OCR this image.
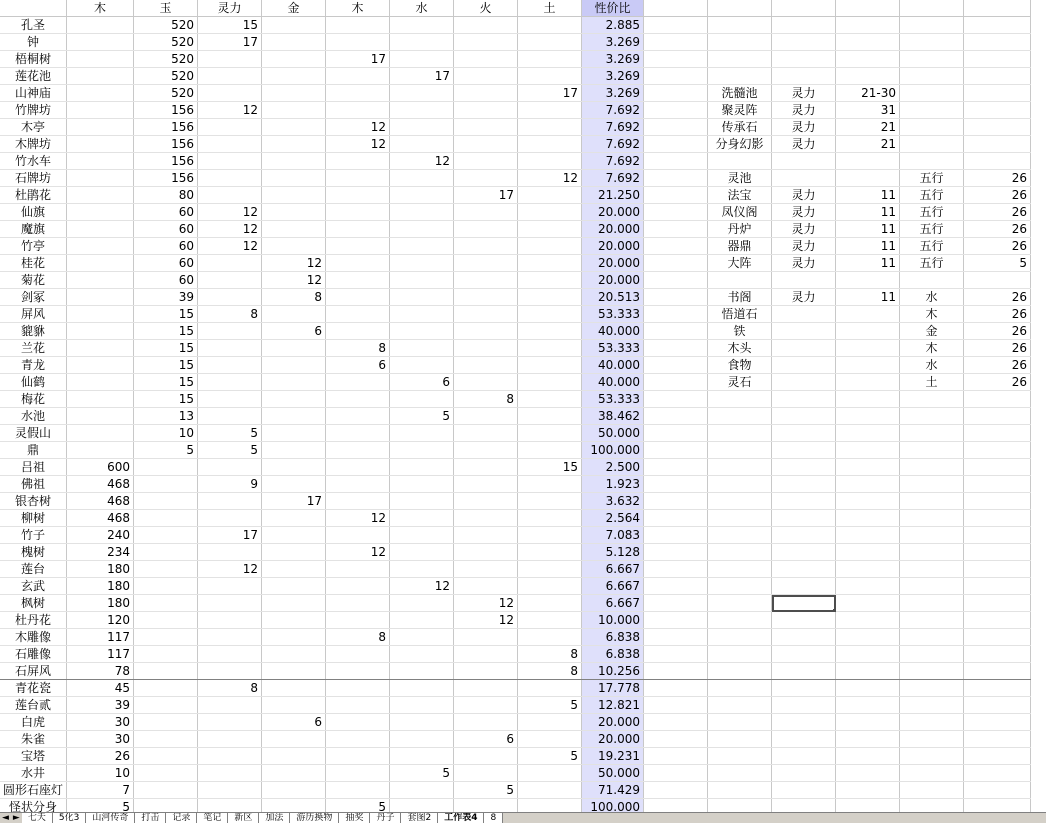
	木	玉	灵力	金	木	水	火	土	性价比						
孔圣		520	15						2.885						
钟		520	17						3.269						
梧桐树		520			17				3.269						
莲花池		520				17			3.269						
山神庙		520						17	3.269		洗髓池	灵力	21-30		
竹牌坊		156	12						7.692		聚灵阵	灵力	31		
木亭		156			12				7.692		传承石	灵力	21		
木牌坊		156			12				7.692		分身幻影	灵力	21		
竹水车		156				12			7.692						
石牌坊		156						12	7.692		灵池			五行	26
杜鹃花		80					17		21.250		法宝	灵力	11	五行	26
仙旗		60	12						20.000		凤仪阁	灵力	11	五行	26
魔旗		60	12						20.000		丹炉	灵力	11	五行	26
竹亭		60	12						20.000		器鼎	灵力	11	五行	26
桂花		60		12					20.000		大阵	灵力	11	五行	5
菊花		60		12					20.000						
剑冢		39		8					20.513		书阁	灵力	11	水	26
屏风		15	8						53.333		悟道石			木	26
貔貅		15		6					40.000		铁			金	26
兰花		15			8				53.333		木头			木	26
青龙		15			6				40.000		食物			水	26
仙鹤		15				6			40.000		灵石			土	26
梅花		15					8		53.333						
水池		13				5			38.462						
灵假山		10	5						50.000						
鼎		5	5						100.000						
吕祖	600							15	2.500						
佛祖	468		9						1.923						
银杏树	468			17					3.632						
柳树	468				12				2.564						
竹子	240		17						7.083						
槐树	234				12				5.128						
莲台	180		12						6.667						
玄武	180					12			6.667						
枫树	180						12		6.667						
杜丹花	120						12		10.000						
木雕像	117				8				6.838						
石雕像	117							8	6.838						
石屏风	78							8	10.256						
青花瓷	45		8						17.778						
莲台贰	39							5	12.821						
白虎	30			6					20.000						
朱雀	30						6		20.000						
宝塔	26							5	19.231						
水井	10					5			50.000						
圆形石座灯	7						5		71.429						
怪状分身	5				5				100.000						
◄ ► 七天	5化3	山河传奇	打击	记录	笔记	新区	加法	游历换物	抽奖	丹子	套图2	工作表4	8
